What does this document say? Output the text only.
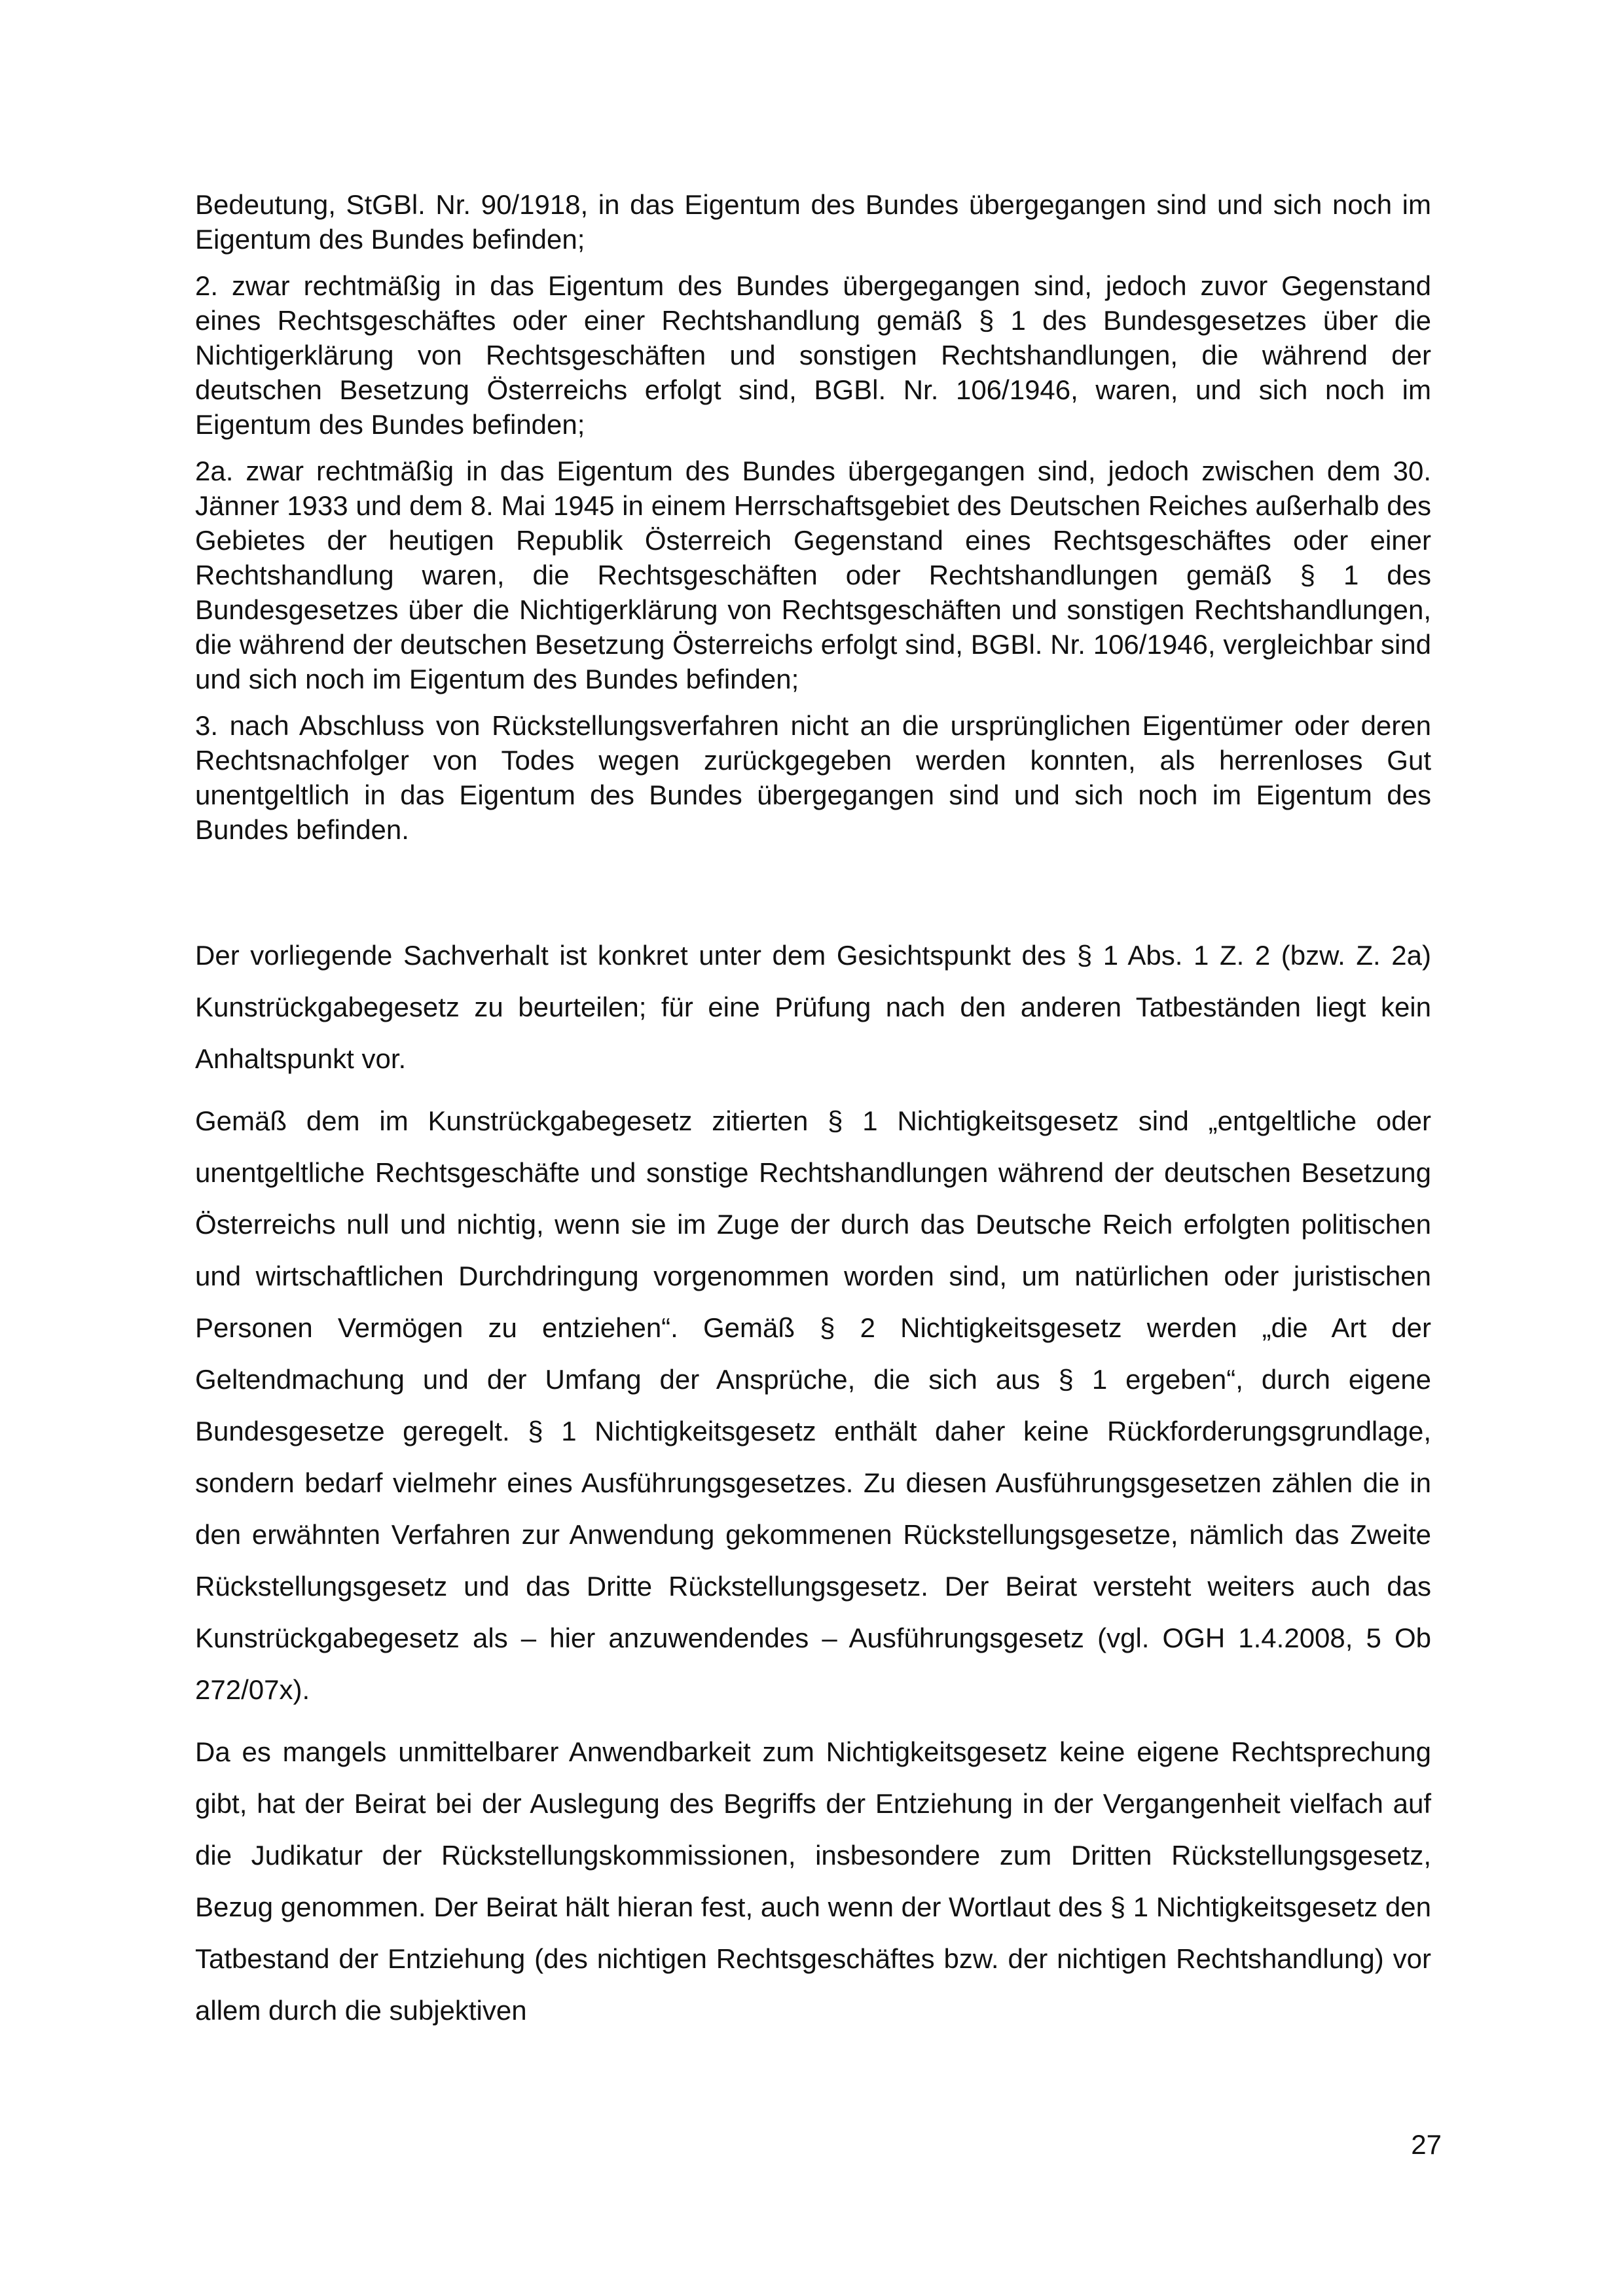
Bedeutung, StGBl. Nr. 90/1918, in das Eigentum des Bundes übergegangen sind und sich noch im Eigentum des Bundes befinden;

2. zwar rechtmäßig in das Eigentum des Bundes übergegangen sind, jedoch zuvor Gegenstand eines Rechtsgeschäftes oder einer Rechtshandlung gemäß § 1 des Bundesgesetzes über die Nichtigerklärung von Rechtsgeschäften und sonstigen Rechtshandlungen, die während der deutschen Besetzung Österreichs erfolgt sind, BGBl. Nr. 106/1946, waren, und sich noch im Eigentum des Bundes befinden;

2a. zwar rechtmäßig in das Eigentum des Bundes übergegangen sind, jedoch zwischen dem 30. Jänner 1933 und dem 8. Mai 1945 in einem Herrschaftsgebiet des Deutschen Reiches außerhalb des Gebietes der heutigen Republik Österreich Gegenstand eines Rechtsgeschäftes oder einer Rechtshandlung waren, die Rechtsgeschäften oder Rechtshandlungen gemäß § 1 des Bundesgesetzes über die Nichtigerklärung von Rechtsgeschäften und sonstigen Rechtshandlungen, die während der deutschen Besetzung Österreichs erfolgt sind, BGBl. Nr. 106/1946, vergleichbar sind und sich noch im Eigentum des Bundes befinden;

3. nach Abschluss von Rückstellungsverfahren nicht an die ursprünglichen Eigentümer oder deren Rechtsnachfolger von Todes wegen zurückgegeben werden konnten, als herrenloses Gut unentgeltlich in das Eigentum des Bundes übergegangen sind und sich noch im Eigentum des Bundes befinden.

Der vorliegende Sachverhalt ist konkret unter dem Gesichtspunkt des § 1 Abs. 1 Z. 2 (bzw. Z. 2a) Kunstrückgabegesetz zu beurteilen; für eine Prüfung nach den anderen Tatbeständen liegt kein Anhaltspunkt vor.

Gemäß dem im Kunstrückgabegesetz zitierten § 1 Nichtigkeitsgesetz sind „entgeltliche oder unentgeltliche Rechtsgeschäfte und sonstige Rechtshandlungen während der deutschen Besetzung Österreichs null und nichtig, wenn sie im Zuge der durch das Deutsche Reich erfolgten politischen und wirtschaftlichen Durchdringung vorgenommen worden sind, um natürlichen oder juristischen Personen Vermögen zu entziehen“. Gemäß § 2 Nichtigkeitsgesetz werden „die Art der Geltendmachung und der Umfang der Ansprüche, die sich aus § 1 ergeben“, durch eigene Bundesgesetze geregelt. § 1 Nichtigkeitsgesetz enthält daher keine Rückforderungsgrundlage, sondern bedarf vielmehr eines Ausführungsgesetzes. Zu diesen Ausführungsgesetzen zählen die in den erwähnten Verfahren zur Anwendung gekommenen Rückstellungsgesetze, nämlich das Zweite Rückstellungsgesetz und das Dritte Rückstellungsgesetz. Der Beirat versteht weiters auch das Kunstrückgabegesetz als – hier anzuwendendes – Ausführungsgesetz (vgl. OGH 1.4.2008, 5 Ob 272/07x).

Da es mangels unmittelbarer Anwendbarkeit zum Nichtigkeitsgesetz keine eigene Rechtsprechung gibt, hat der Beirat bei der Auslegung des Begriffs der Entziehung in der Vergangenheit vielfach auf die Judikatur der Rückstellungskommissionen, insbesondere zum Dritten Rückstellungsgesetz, Bezug genommen. Der Beirat hält hieran fest, auch wenn der Wortlaut des § 1 Nichtigkeitsgesetz den Tatbestand der Entziehung (des nichtigen Rechtsgeschäftes bzw. der nichtigen Rechtshandlung) vor allem durch die subjektiven

27
